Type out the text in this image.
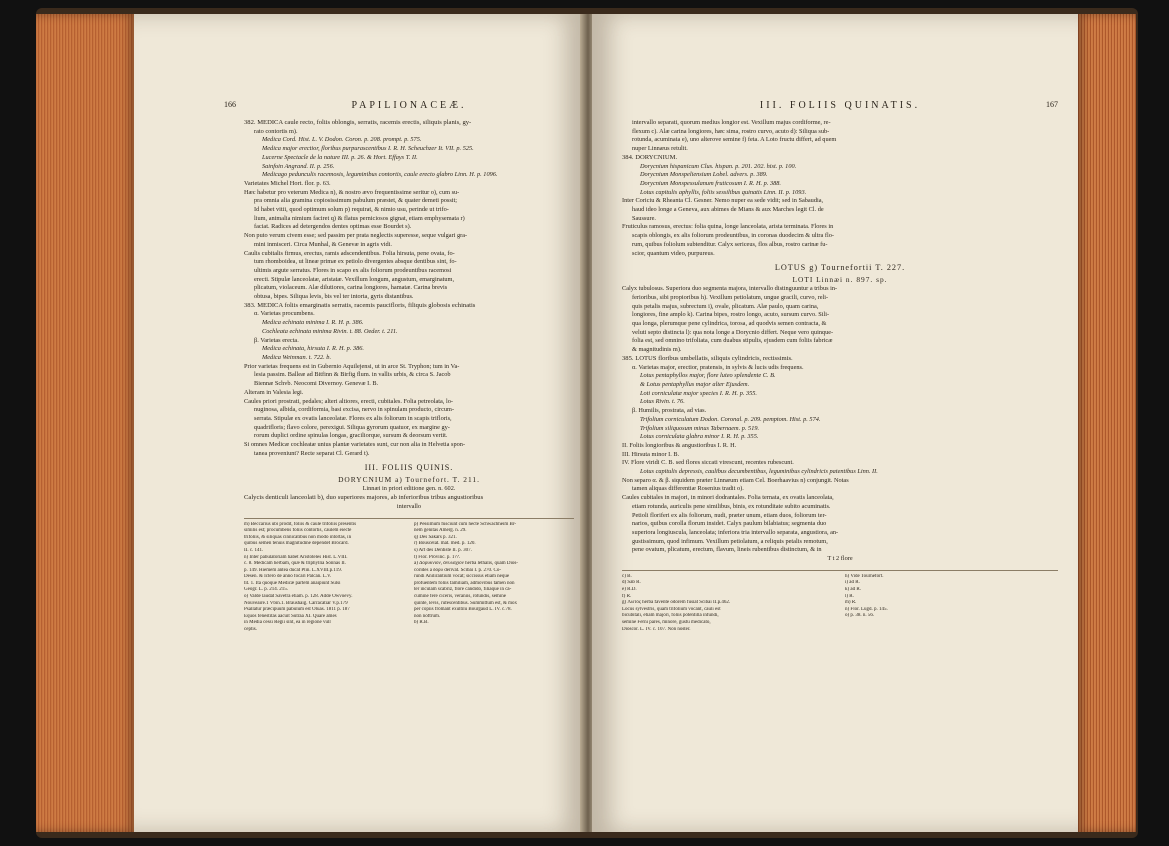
166	PAPILIONACEÆ.

382. MEDICA caule recto, foliis oblongis, serratis, racemis erectis, siliquis planis, gy-

rato contortis m).

Medica Cord. Hist. L. V. Dodon. Coron. p. 208. prompt. p. 575.

Medica major erectior, floribus purpurascentibus I. R. H. Scheuchzer It. VII. p. 525.

Lucerne Spectacle de la nature III. p. 26. & Hort. Effays T. II.

Sainfoin Angrand. II. p. 256.

Medicago pedunculis racemosis, leguminibus contortis, caule erecto glabro Linn. H. p. 1096.

Varietates Michel Hort. flor. p. 63.

Hæc habetur pro veterum Medica n), & nostro ævo frequentissime seritur o), cum su-

pra omnia alia gramina copiosissimum pabulum præstet, & quater demeti possit;

Id habet vitii, quod optimum solum p) requirat, & nimio usu, perinde ut trifo-

lium, animalia nimium faciret q) & flatus perniciosos gignat, etiam emphysemata r)

faciat. Radices ad detergendos dentes optimas esse Bourdet s).

Non puto verum civem esse; sed passim per prata neglectis superesse, seque vulgari gra-

mini inmisceri. Circa Munhal, & Genevæ in agris vidi.

Caulis cubitalis firmus, erectus, ramis adscendentibus. Folia hirsuta, pene ovata, fo-

tum rhomboidea, ut lineæ primæ ex petiolo divergentes absque dentibus sint, fo-

ultimis argute serratus. Flores in scapo ex alis foliorum prodeuntibus racemosi

erecti. Stipulæ lanceolatæ, aristatæ. Vexillum longum, angustum, emarginatum,

plicatum, violaceum. Alæ dilutiores, carina longiores, hamatæ. Carina brevis

obtusa, bipes. Siliqua levis, bis vel ter intorta, gyris distantibus.

383. MEDICA foliis emarginatis serratis, racemis paucifloris, filiquis globosis echinatis

α. Varietas procumbens.

Medica echinata minima I. R. H. p. 386.

Cochleata echinata minima Rivin. t. 88. Oeder. t. 211.

β. Varietas erecta.

Medica echinata, hirsuta I. R. H. p. 386.

Medica Weinman. t. 722. b.

Prior varietas frequens est in Gubernio Aquilejensi, ut in arce St. Tryphon; tum in Va-

lesia passim. Balleæ ad Bitfinn & Birfig flum. in vallis urbis, & circa S. Jacob

Biennæ Schvb. Neocomi Divernoy. Genevæ I. B.

Alteram in Valesia legi.

Caules priori prostrati, pedales; alteri altiores, erecti, cubitales. Folia petreolata, lo-

nuginosa, albida, cordiformia, basi excisa, nervo in spinulam producto, circum-

serrata. Stipulæ ex ovatis lanceolatæ. Flores ex alis foliorum in scapis trifloris,

quadrifloris; flavo colore, perexigui. Siliqua gyrorum quatuor, ex margine gy-

rorum duplici ordine spinulas longas, graciliorque, sursum & deorsum vertit.

Si omnes Medicæ cochleatæ unius plantæ varietates sunt, cur non alia in Helvetia spon-

tanea proveniunt? Recte separat Cl. Gerard t).

III. FOLIIS QUINIS.

DORYCNIUM a) Tournefort. T. 211.

Linnæi in priori editione gen. n. 602.

Calycis denticuli lanceolati b), duo superiores majores, ab inferioribus tribus angustioribus

intervallo

m) Beccarius ubi prodit, foliis & caule trifoliis presentis

similis est; procumbens foliis contortis, caulem eiecte

trifoliis, & siliquas cinnicatibus non modo intortas, in

quibus semen tenuis magnitudine dependet Brocard.

II. c. 141.

n) Inter pabulatoriam habet Aristoteles Hist. L.VIII.

c. 8. Medicam herbam, quæ & triphyllia Sonnas II.

p. 149. Hiemem antea ducat Plin. L.XVIII.p.119.

Desen. & Ictero de anno focari Palcan. L.V.

tit. 1. Ita quoque Medicæ partem anaipiunt Sulsi

Geogr. L. p. 214. 215.

o) Valde laudat Savetra etiam. p. 128. Adde Owvoevy.

Nouveaire.1 Vbin.1. Braushaig. Carracatiar V.p.179

Psallatur præcipuum pabulum est Oluas. 1811 p. 187

Equos fenestitas aacuit Sutraa XI. Quare ames

in Media cessi Regii sint, ea in regione vull

ceptis.

p) Pessimum fusciunt cum hecte Schwachheim Br-

nem genitas Amerg. n. 29.

q) Des Sakars p. 321.

r) Bouscelat. mat. med. p. 120.

s) Art des Dentiste II. p. 307.

t) Flor. Provinc. p. 1??.

a) Δορύκνιον, ἀνυλάχιον herba lethalis, quam Dios-

corides a δόρυ derivat. Scibai I. p. 270. Co-

rundi Anilirantium vocat; siccissus etiam neque

profuentem foliis familiam, admovibus tamen non

ter inculam scabriz, flore candido, filiaque in ca-

cumine fere ciceris, veraniis, rotundis, semine

quinte, levis, rufescentibus. Summittum est, & mox

per copiis fromant exultilu Bourgaud L. IV. c.78.

non noftrum.

b) R.B.

III. FOLIIS QUINATIS.	167

intervallo separati, quorum medius longior est. Vexillum majus cordiforme, re-

flexum c). Alæ carina longiores, hæc sima, rostro curvo, acuto d): Siliqua sub-

rotunda, acuminata e), uno alterove semine f) feta. A Loto fructu differt, ad quem

nuper Linnæus retulit.

384. DORYCNIUM.

Dorycnium hispanicum Clus. hispan. p. 201. 202. hist. p. 100.

Dorycnium Monspeliensium Lobel. advers. p. 389.

Dorycnium Monspessulanum fruticosum I. R. H. p. 388.

Lotus capitulis aphyllis, foliis sessilibus quinatis Linn. II. p. 1093.

Inter Coriciu & Rheanta Cl. Gesner. Nemo nuper ea sede vidit; sed in Sabaudia,

haud ideo longe a Geneva, aux abimes de Mians & aux Marches legit Cl. de

Saussure.

Fruticulus ramosus, erectus: folia quina, longe lanceolata, arista terminata. Flores in

scapis oblongis, ex alis foliorum prodeuntibus, in coronas duodecim & ultra flo-

rum, quibus foliolum subtenditur. Calyx sericeus, flos albus, rostro carinæ fu-

scior, quantum video, purpureus.

LOTUS g) Tournefortii T. 227.

LOTI Linnæi n. 897. sp.

Calyx tubulosus. Superiora duo segmenta majora, intervallo distinguuntur a tribus in-

ferioribus, sibi propioribus h). Vexillum petiolatum, ungue gracili, curvo, reli-

quis petalis majus, subrectum i), ovale, plicatum. Alæ paulo, quam carina,

longiores, fine amplo k). Carina bipes, rostro longo, acuto, sursum curvo. Sili-

qua longa, plerumque pene cylindrica, torosa, ad quodvis semen contracta, &

veluti septo distincta l): qua nota longe a Dorycnio differt. Neque vero quinque-

folia est, sed omnino trifoliata, cum duabus stipulis, ejusdem cum foliis fabricæ

& magnitudinis m).

385. LOTUS floribus umbellatis, siliquis cylindricis, rectissimis.

α. Varietas major, erectior, pratensis, in sylvis & lucis udis frequens.

Lotus pentaphyllos major, flore luteo splendente C. B.

& Lotus pentaphyllus major alter Ejusdem.

Loti corniculatæ major species I. R. H. p. 355.

Lotus Rivin. t. 76.

β. Humilis, prostrata, ad vias.

Trifolium corniculatum Dodon. Coronal. p. 209. pemptom. Hist. p. 574.

Trifolium siliquosum minus Tabernaem. p. 519.

Lotus corniculata glabra minor I. R. H. p. 355.

II. Foliis longioribus & angustioribus I. R. H.

III. Hirsuta minor I. B.

IV. Flore viridi C. B. sed flores siccati virescunt, recentes rubescunt.

Lotus capitulis depressis, caulibus decumbentibus, leguminibus cylindricis patentibus Linn. II.

Non separo α. & β. siquidem præter Linnæum etiam Cel. Boerhaavius n) conjungit. Notas

tamen aliquas differentiæ Rosenius tradit o).

Caules cubitales in majori, in minori dodrantales. Folia ternata, ex ovatis lanceolata,

etiam rotunda, auriculis pene similibus, binis, ex rotunditate subito acuminatis.

Petioli floriferi ex alis foliorum, nudi, præter unum, etiam duos, foliorum ter-

narios, quibus corolla florum insidet. Calyx paulum bilabiatus; segmenta duo

superiora longiuscula, lanceolata; inferiora tria intervallo separata, angustiora, an-

gustissimum, quod infimum. Vexillum petiolatum, a reliquis petalis remotum,

pene ovatum, plicatum, erectum, flavum, lineis rubentibus distinctum, & in

T t 2 flore

c) B.

d) Sab R.

e) R.D.

f) R.

g) Λωτός herba favente odorem fusiat Scibai II.p.462.

Locus sylvestris, quam trifolium vocant, cauli est

bicubitali, etiam majori, foliis potentilla infundi,

semine Ferni pares, minore, gustu medicato,

Dioscor. L. IV. c. 107. Non noster.

h) Vide Tournefort.

i) ad R.

k) ad R.

l) R.

m) R.

n) Flor. Lugd. p. 145.

o) p. 38. n. 56.
